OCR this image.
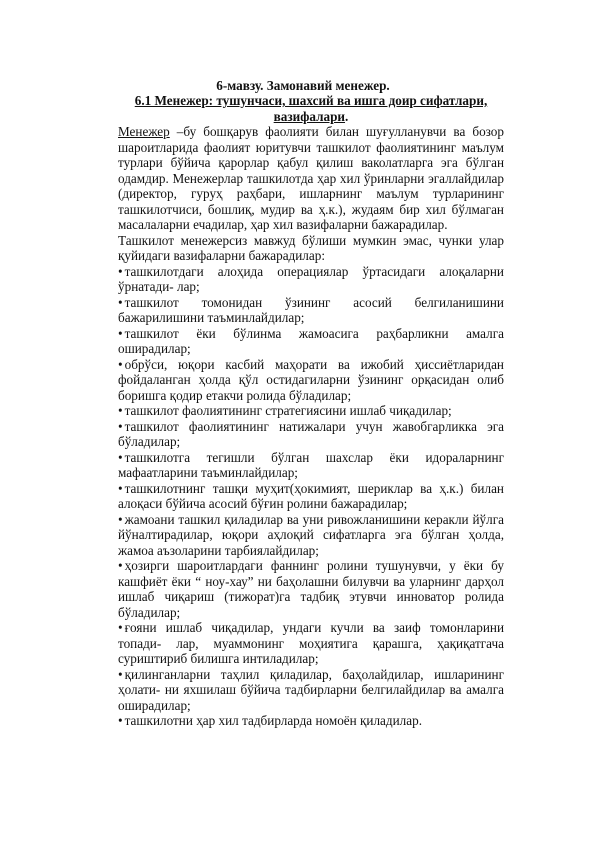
6-мавзу. Замонавий менежер.
6.1 Менежер: тушунчаси, шахсий ва ишга доир сифатлари, вазифалари.

Менежер –бу бошқарув фаолияти билан шуғулланувчи ва бозор шароитларида фаолият юритувчи ташкилот фаолиятининг маълум турлари бўйича қарорлар қабул қилиш ваколатларга эга бўлган одамдир. Менежерлар ташкилотда ҳар хил ўринларни эгаллайдилар (директор, гуруҳ раҳбари, ишларнинг маълум турларининг ташкилотчиси, бошлиқ, мудир ва ҳ.к.), жудаям бир хил бўлмаган масалаларни ечадилар, ҳар хил вазифаларни бажарадилар.

Ташкилот менежерсиз мавжуд бўлиши мумкин эмас, чунки улар қуйидаги вазифаларни бажарадилар:

• ташкилотдаги алоҳида операциялар ўртасидаги алоқаларни ўрнатади- лар;

• ташкилот томонидан ўзининг асосий белгиланишини бажарилишини таъминлайдилар;

• ташкилот ёки бўлинма жамоасига раҳбарликни амалга оширадилар;

• обрўси, юқори касбий маҳорати ва ижобий ҳиссиётларидан фойдаланган ҳолда қўл остидагиларни ўзининг орқасидан олиб боришга қодир етакчи ролида бўладилар;

• ташкилот фаолиятининг стратегиясини ишлаб чиқадилар;

• ташкилот фаолиятининг натижалари учун жавобгарликка эга бўладилар;

• ташкилотга тегишли бўлган шахслар ёки идораларнинг мафаатларини таъминлайдилар;

• ташкилотнинг ташқи муҳит(ҳокимият, шериклар ва ҳ.к.) билан алоқаси бўйича асосий бўғин ролини бажарадилар;

• жамоани ташкил қиладилар ва уни ривожланишини керакли йўлга йўналтирадилар, юқори аҳлоқий сифатларга эга бўлган ҳолда, жамоа аъзоларини тарбиялайдилар;

• ҳозирги шароитлардаги фаннинг ролини тушунувчи, у ёки бу кашфиёт ёки “ ноу-хау” ни баҳолашни билувчи ва уларнинг дарҳол ишлаб чиқариш (тижорат)га тадбиқ этувчи инноватор ролида бўладилар;

• ғояни ишлаб чиқадилар, ундаги кучли ва заиф томонларини топади- лар, муаммонинг моҳиятига қарашга, ҳақиқатгача суриштириб билишга интиладилар;

• қилинганларни таҳлил қиладилар, баҳолайдилар, ишларининг ҳолати- ни яхшилаш бўйича тадбирларни белгилайдилар ва амалга оширадилар;

• ташкилотни ҳар хил тадбирларда номоён қиладилар.
